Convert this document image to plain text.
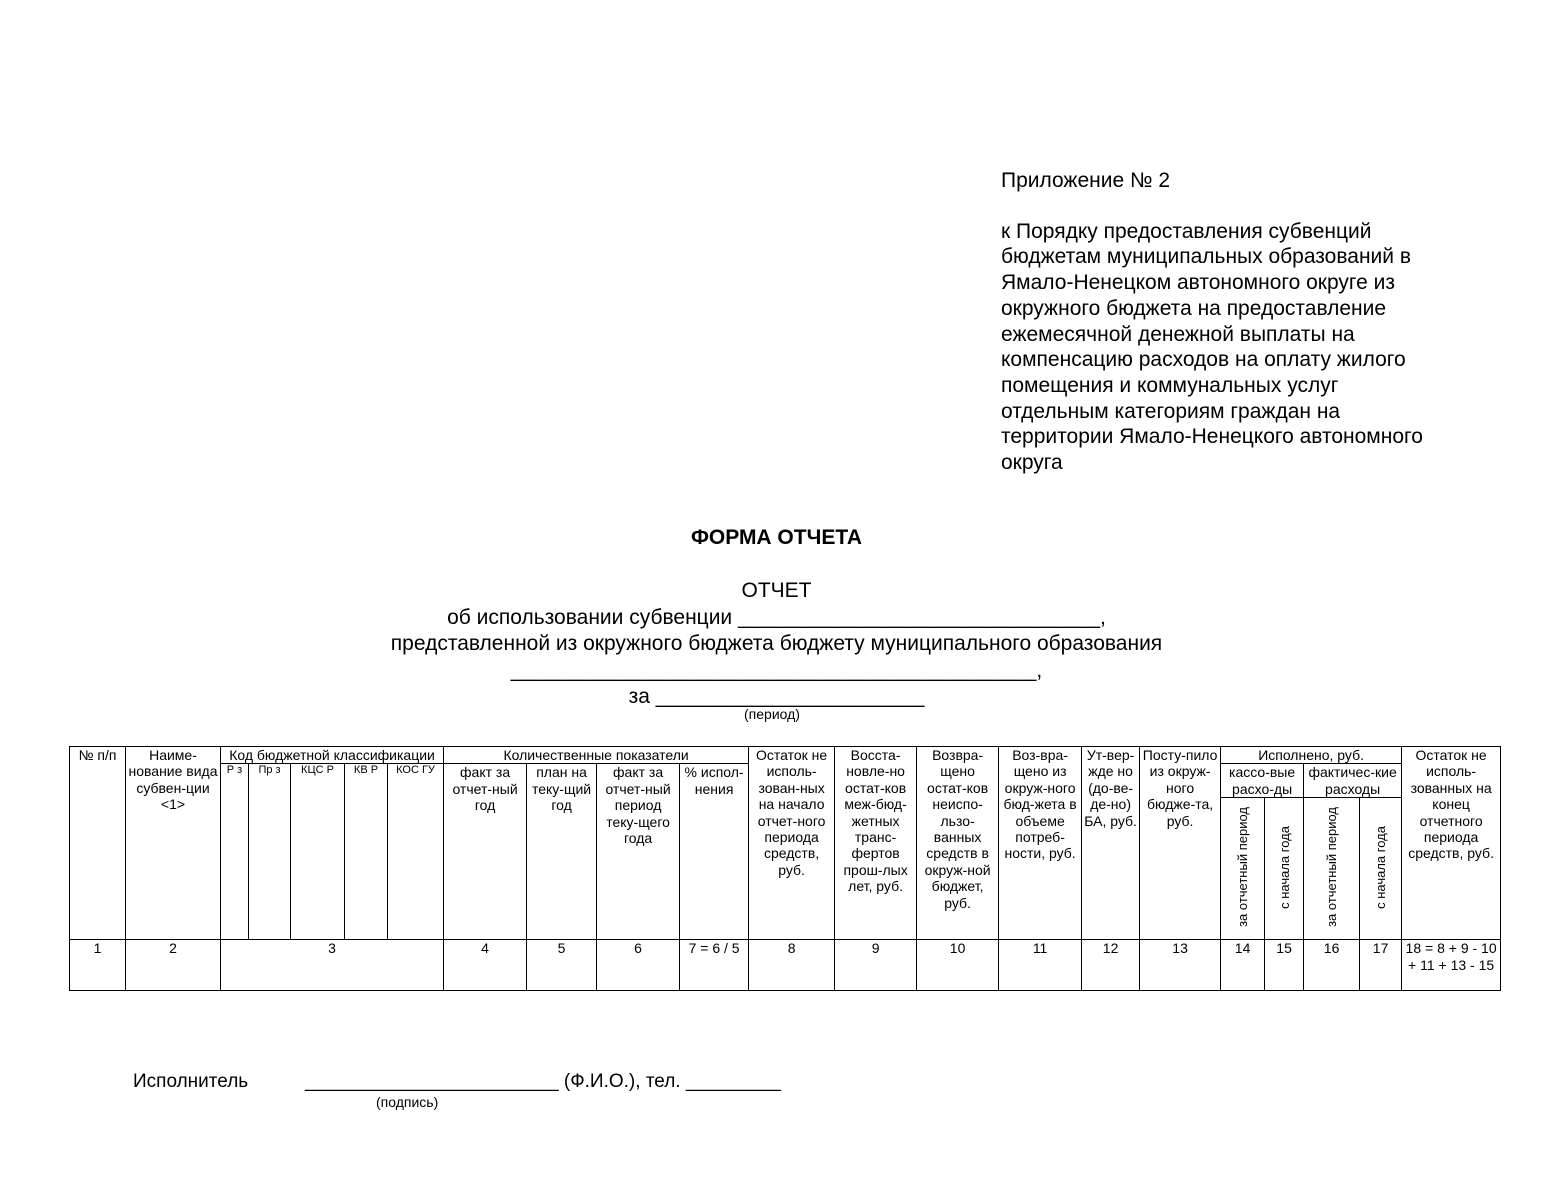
Приложение № 2

к Порядку предоставления субвенций бюджетам муниципальных образований в Ямало-Ненецком автономного округе из окружного бюджета на предоставление ежемесячной денежной выплаты на компенсацию расходов на оплату жилого помещения и коммунальных услуг отдельным категориям граждан на территории Ямало-Ненецкого автономного округа

ФОРМА ОТЧЕТА
ОТЧЕТ
об использовании субвенции _______________________________,
представленной из окружного бюджета бюджету муниципального образования
_____________________________________________,
за _______________________
(период)
№ п/п	Наиме-нование вида субвен-ции <1>	Код бюджетной классификации					Количественные показатели				Остаток не исполь-зован-ных на начало отчет-ного периода средств, руб.	Восста-новле-но остат-ков меж-бюд-жетных транс-фертов прош-лых лет, руб.	Возвра-щено остат-ков неиспо-льзо-ванных средств в окруж-ной бюджет, руб.	Воз-вра-щено из окруж-ного бюд-жета в объеме потреб-ности, руб.	Ут-вер-жде но (до-ве-де-но) БА, руб.	Посту-пило из окруж-ного бюдже-та, руб.	Исполнено, руб.				Остаток не исполь-зованных на конец отчетного периода средств, руб.
		Р з	Пр з	КЦС Р	КВ Р	КОС ГУ	факт за отчет-ный год	план на теку-щий год	факт за отчет-ный период теку-щего года	% испол-нения							кассо-вые расхо-ды		фактичес-кие расходы		
																	за отчетный период	с начала года	за отчетный период	с начала года	
1	2	3					4	5	6	7 = 6 / 5	8	9	10	11	12	13	14	15	16	17	18 = 8 + 9 - 10 + 11 + 13 - 15
Исполнитель	________________________ (Ф.И.О.), тел. _________
(подпись)
